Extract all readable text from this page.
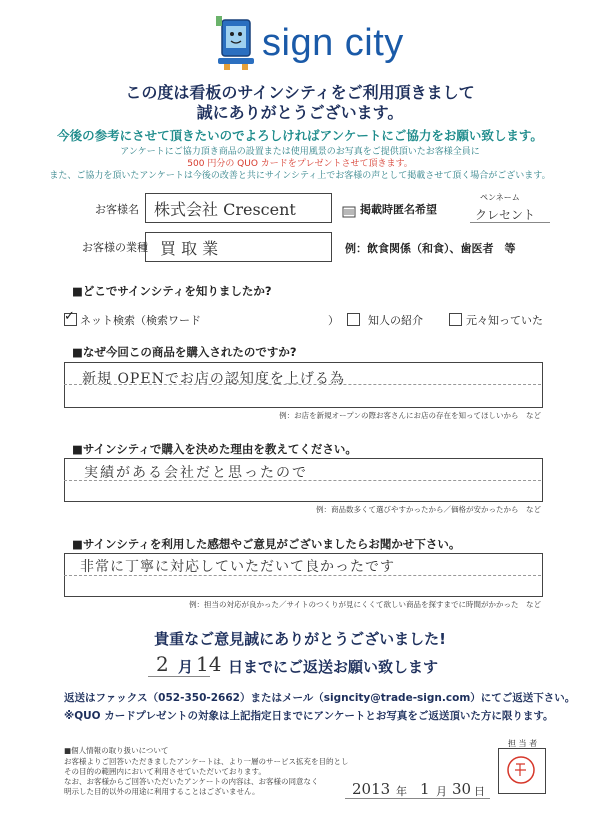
sign city
この度は看板のサインシティをご利用頂きまして
誠にありがとうございます。
今後の参考にさせて頂きたいのでよろしければアンケートにご協力をお願い致します。
アンケートにご協力頂き商品の設置または使用風景のお写真をご提供頂いたお客様全員に
500 円分の QUO カードをプレゼントさせて頂きます。
また、ご協力を頂いたアンケートは今後の改善と共にサインシティ上でお客様の声として掲載させて頂く場合がございます。
お客様名 株式会社 Crescent	掲載時匿名希望
ペンネーム
クレセント
お客様の業種 買 取 業	例：飲食関係（和食）、歯医者　等
■どこでサインシティを知りましたか?
✓ ネット検索（検索ワード	）	知人の紹介	元々知っていた
■なぜ今回この商品を購入されたのですか?
新規 OPENでお店の認知度を上げる為
例：お店を新規オープンの際お客さんにお店の存在を知ってほしいから　など
■サインシティで購入を決めた理由を教えてください。
実績がある会社だと思ったので
例：商品数多くて選びやすかったから／価格が安かったから　など
■サインシティを利用した感想やご意見がございましたらお聞かせ下さい。
非常に丁寧に対応していただいて良かったです
例：担当の対応が良かった／サイトのつくりが見にくくて欲しい商品を探すまでに時間がかかった　など
貴重なご意見誠にありがとうございました!
2 月 14 日までにご返送お願い致します
返送はファックス（052-350-2662）またはメール（signcity@trade-sign.com）にてご返送下さい。
※QUO カードプレゼントの対象は上記指定日までにアンケートとお写真をご返送頂いた方に限ります。
■個人情報の取り扱いについて
お客様よりご回答いただきましたアンケートは、より一層のサービス拡充を目的とし
その目的の範囲内において利用させていただいております。
なお、お客様からご回答いただいたアンケートの内容は、お客様の同意なく
明示した目的以外の用途に利用することはございません。
担 当 者
2013 年 1 月 30 日
